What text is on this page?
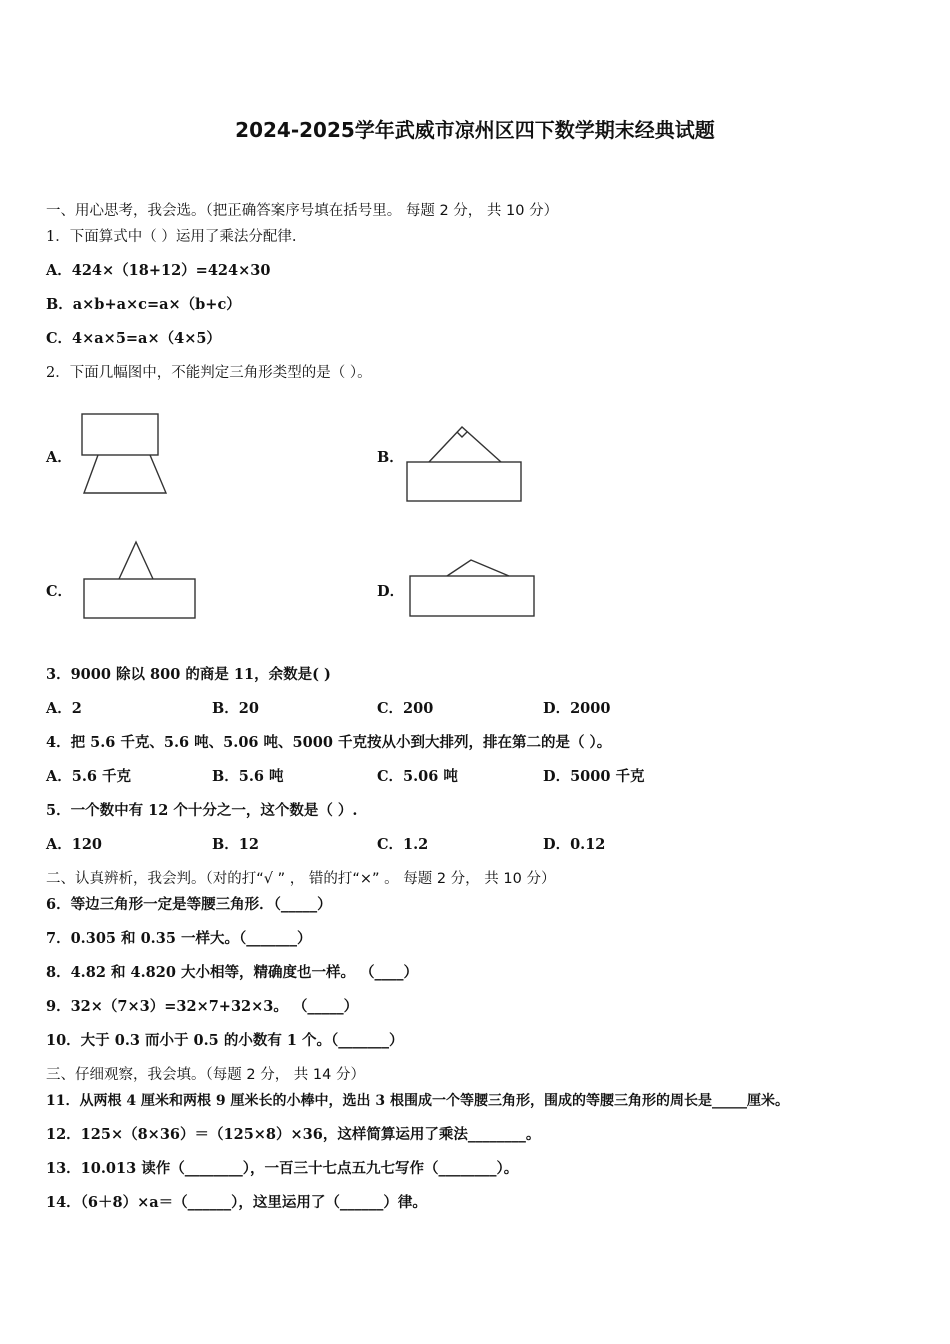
2024-2025学年武威市凉州区四下数学期末经典试题
一、用心思考，我会选。（把正确答案序号填在括号里。 每题 2 分， 共 10 分）
1．下面算式中（ ）运用了乘法分配律.
A．424×（18+12）=424×30
B．a×b+a×c=a×（b+c）
C．4×a×5=a×（4×5）
2．下面几幅图中，不能判定三角形类型的是（ ）。
A．	B．
C．	D．
3．9000 除以 800 的商是 11，余数是( )
A．2	B．20	C．200	D．2000
4．把 5.6 千克、5.6 吨、5.06 吨、5000 千克按从小到大排列，排在第二的是（ ）。
A．5.6 千克	B．5.6 吨	C．5.06 吨	D．5000 千克
5．一个数中有 12 个十分之一，这个数是（ ）.
A．120	B．12	C．1.2	D．0.12
二、认真辨析，我会判。（对的打“√ ” ， 错的打“×” 。 每题 2 分， 共 10 分）
6．等边三角形一定是等腰三角形．（_____）
7．0.305 和 0.35 一样大。（_______）
8．4.82 和 4.820 大小相等，精确度也一样。 （____）
9．32×（7×3）=32×7+32×3。 （_____）
10．大于 0.3 而小于 0.5 的小数有 1 个。（_______）
三、仔细观察，我会填。（每题 2 分， 共 14 分）
11．从两根 4 厘米和两根 9 厘米长的小棒中，选出 3 根围成一个等腰三角形，围成的等腰三角形的周长是_____厘米。
12．125×（8×36）＝（125×8）×36，这样简算运用了乘法________。
13．10.013 读作（________），一百三十七点五九七写作（________）。
14．（6＋8）×a＝（______），这里运用了（______）律。
